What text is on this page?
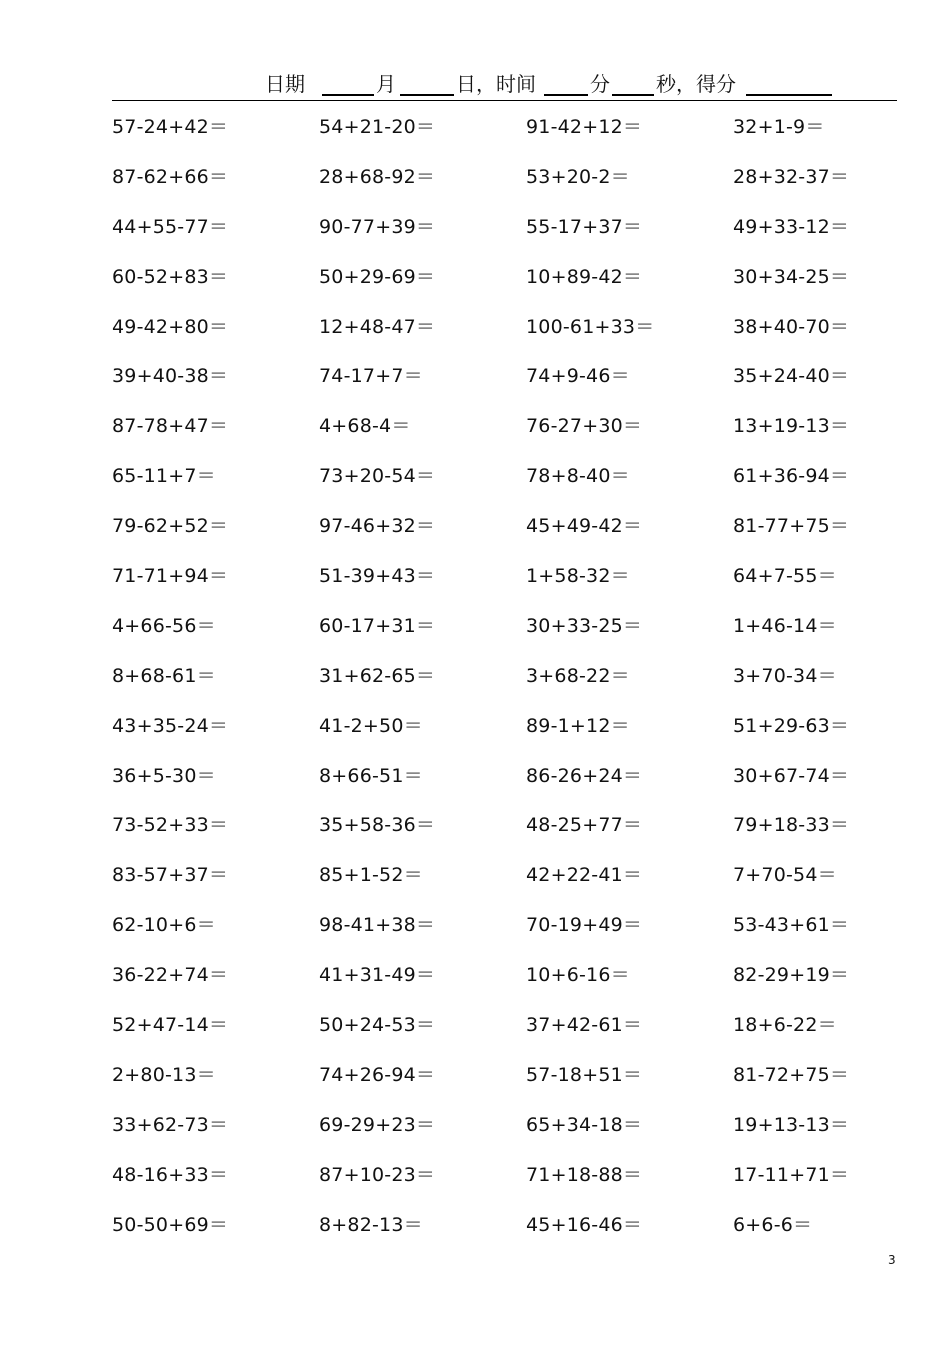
日期	月	日，时间	分 秒，得分
57-24+42＝	54+21-20＝	91-42+12＝	32+1-9＝
87-62+66＝	28+68-92＝	53+20-2＝	28+32-37＝
44+55-77＝	90-77+39＝	55-17+37＝	49+33-12＝
60-52+83＝	50+29-69＝	10+89-42＝	30+34-25＝
49-42+80＝	12+48-47＝	100-61+33＝	38+40-70＝
39+40-38＝	74-17+7＝	74+9-46＝	35+24-40＝
87-78+47＝	4+68-4＝	76-27+30＝	13+19-13＝
65-11+7＝	73+20-54＝	78+8-40＝	61+36-94＝
79-62+52＝	97-46+32＝	45+49-42＝	81-77+75＝
71-71+94＝	51-39+43＝	1+58-32＝	64+7-55＝
4+66-56＝	60-17+31＝	30+33-25＝	1+46-14＝
8+68-61＝	31+62-65＝	3+68-22＝	3+70-34＝
43+35-24＝	41-2+50＝	89-1+12＝	51+29-63＝
36+5-30＝	8+66-51＝	86-26+24＝	30+67-74＝
73-52+33＝	35+58-36＝	48-25+77＝	79+18-33＝
83-57+37＝	85+1-52＝	42+22-41＝	7+70-54＝
62-10+6＝	98-41+38＝	70-19+49＝	53-43+61＝
36-22+74＝	41+31-49＝	10+6-16＝	82-29+19＝
52+47-14＝	50+24-53＝	37+42-61＝	18+6-22＝
2+80-13＝	74+26-94＝	57-18+51＝	81-72+75＝
33+62-73＝	69-29+23＝	65+34-18＝	19+13-13＝
48-16+33＝	87+10-23＝	71+18-88＝	17-11+71＝
50-50+69＝	8+82-13＝	45+16-46＝	6+6-6＝
3
